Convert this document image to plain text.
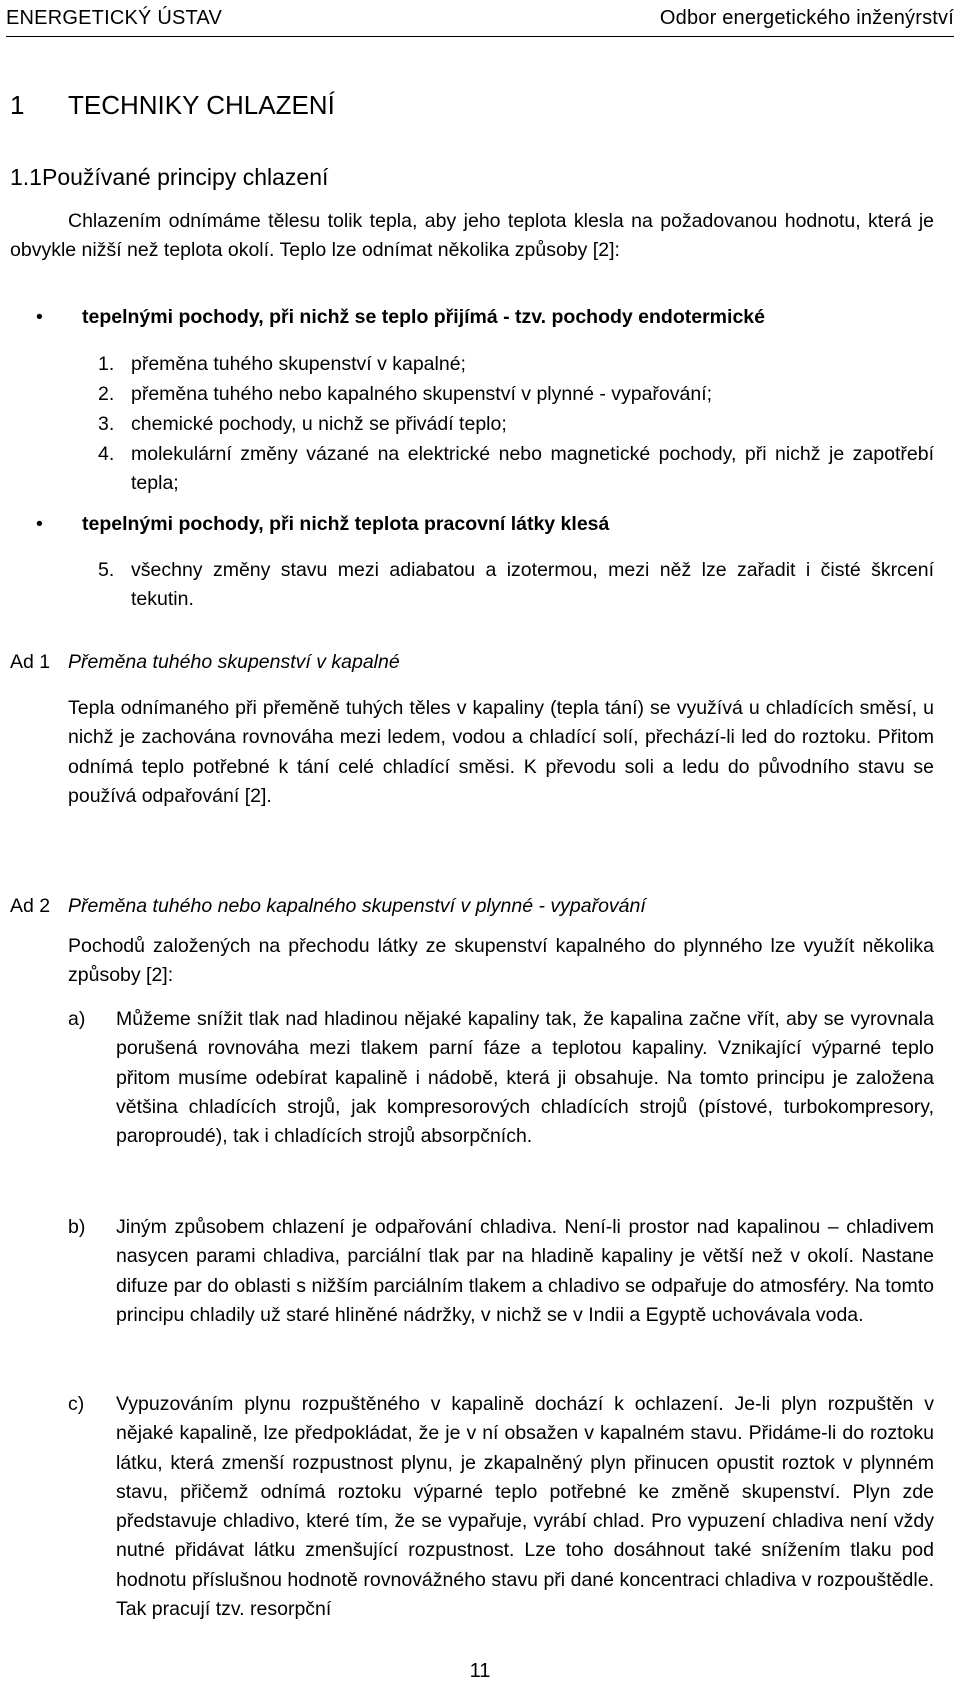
ENERGETICKÝ ÚSTAV	Odbor energetického inženýrství
1 TECHNIKY CHLAZENÍ
1.1Používané principy chlazení
Chlazením odnímáme tělesu tolik tepla, aby jeho teplota klesla na požadovanou hodnotu, která je obvykle nižší než teplota okolí. Teplo lze odnímat několika způsoby [2]:
• tepelnými pochody, při nichž se teplo přijímá - tzv. pochody endotermické
1. přeměna tuhého skupenství v kapalné;
2. přeměna tuhého nebo kapalného skupenství v plynné - vypařování;
3. chemické pochody, u nichž se přivádí teplo;
4. molekulární změny vázané na elektrické nebo magnetické pochody, při nichž je zapotřebí tepla;
• tepelnými pochody, při nichž teplota pracovní látky klesá
5. všechny změny stavu mezi adiabatou a izotermou, mezi něž lze zařadit i čisté škrcení tekutin.
Ad 1 Přeměna tuhého skupenství v kapalné
Tepla odnímaného při přeměně tuhých těles v kapaliny (tepla tání) se využívá u chladících směsí, u nichž je zachována rovnováha mezi ledem, vodou a chladící solí, přechází-li led do roztoku. Přitom odnímá teplo potřebné k tání celé chladící směsi. K převodu soli a ledu do původního stavu se používá odpařování [2].
Ad 2 Přeměna tuhého nebo kapalného skupenství v plynné - vypařování
Pochodů založených na přechodu látky ze skupenství kapalného do plynného lze využít několika způsoby [2]:
a) Můžeme snížit tlak nad hladinou nějaké kapaliny tak, že kapalina začne vřít, aby se vyrovnala porušená rovnováha mezi tlakem parní fáze a teplotou kapaliny. Vznikající výparné teplo přitom musíme odebírat kapalině i nádobě, která ji obsahuje. Na tomto principu je založena většina chladících strojů, jak kompresorových chladících strojů (pístové, turbokompresory, paroproudé), tak i chladících strojů absorpčních.
b) Jiným způsobem chlazení je odpařování chladiva. Není-li prostor nad kapalinou – chladivem nasycen parami chladiva, parciální tlak par na hladině kapaliny je větší než v okolí. Nastane difuze par do oblasti s nižším parciálním tlakem a chladivo se odpařuje do atmosféry. Na tomto principu chladily už staré hliněné nádržky, v nichž se v Indii a Egyptě uchovávala voda.
c) Vypuzováním plynu rozpuštěného v kapalině dochází k ochlazení. Je-li plyn rozpuštěn v nějaké kapalině, lze předpokládat, že je v ní obsažen v kapalném stavu. Přidáme-li do roztoku látku, která zmenší rozpustnost plynu, je zkapalněný plyn přinucen opustit roztok v plynném stavu, přičemž odnímá roztoku výparné teplo potřebné ke změně skupenství. Plyn zde představuje chladivo, které tím, že se vypařuje, vyrábí chlad. Pro vypuzení chladiva není vždy nutné přidávat látku zmenšující rozpustnost. Lze toho dosáhnout také snížením tlaku pod hodnotu příslušnou hodnotě rovnovážného stavu při dané koncentraci chladiva v rozpouštědle. Tak pracují tzv. resorpční
11
